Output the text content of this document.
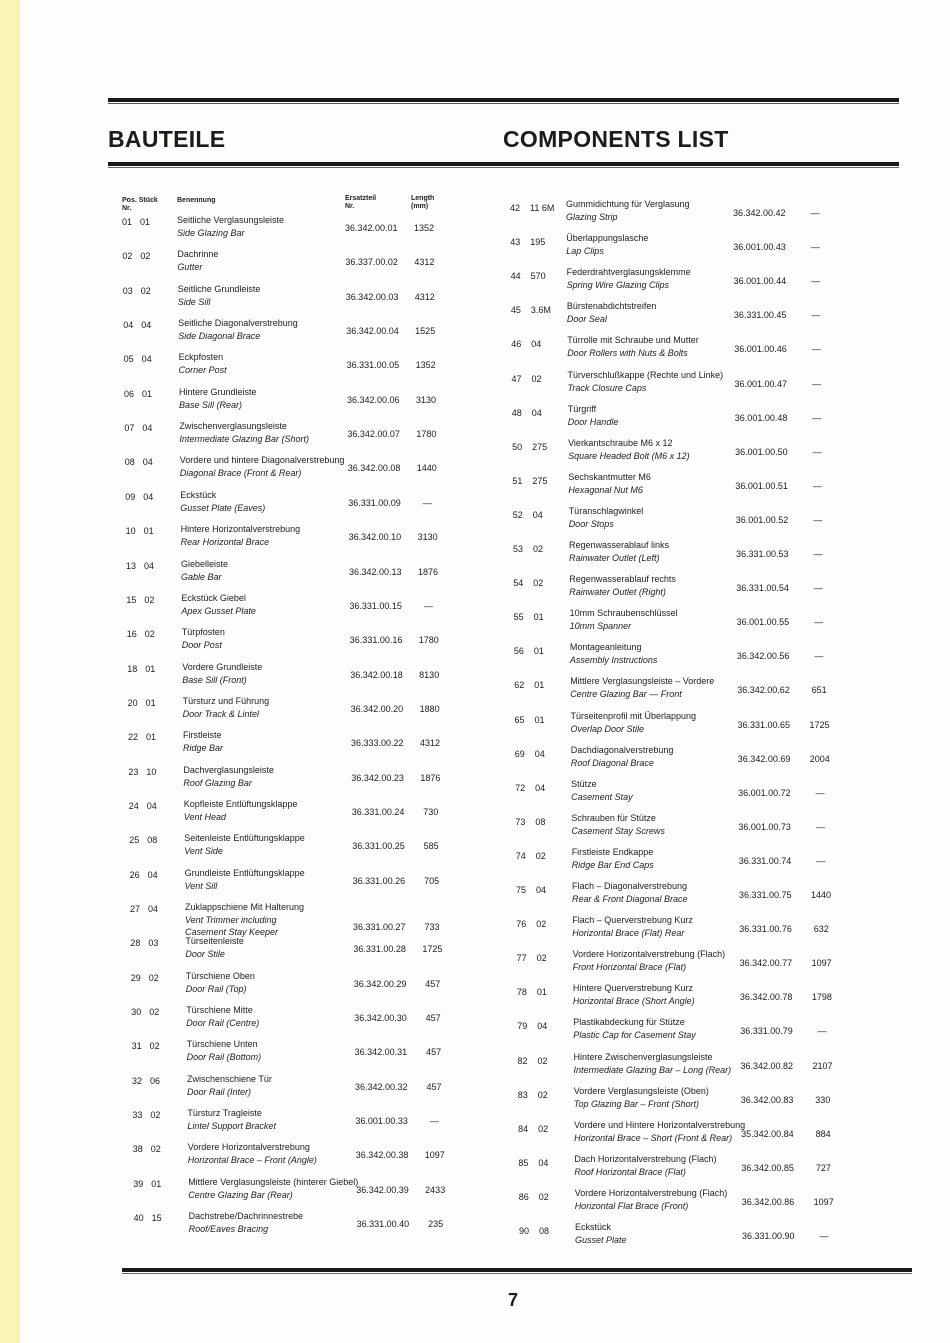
BAUTEILE	COMPONENTS LIST
Pos. Stück Nr.
Benennung	Ersatzteil Nr.
Length (mm)
01 01	Seitliche Verglasungsleiste
Side Glazing Bar	36.342.00.01	1352
02 02	Dachrinne
Gutter	36.337.00.02	4312
03 02	Seitliche Grundleiste
Side Sill	36.342.00.03	4312
04 04	Seitliche Diagonalverstrebung
Side Diagonal Brace	36.342.00.04	1525
05 04	Eckpfosten
Corner Post	36.331.00.05	1352
06 01	Hintere Grundleiste
Base Sill (Rear)	36.342.00.06	3130
07 04	Zwischenverglasungsleiste
Intermediate Glazing Bar (Short)	36.342.00.07	1780
08 04	Vordere und hintere Diagonalverstrebung
Diagonal Brace (Front & Rear)	36.342.00.08	1440
09 04	Eckstück
Gusset Plate (Eaves)	36.331.00.09	—
10 01	Hintere Horizontalverstrebung
Rear Horizontal Brace	36.342.00.10	3130
13 04	Giebelleiste
Gable Bar	36.342.00.13	1876
15 02	Eckstück Giebel
Apex Gusset Plate	36.331.00.15	—
16 02	Türpfosten
Door Post	36.331.00.16	1780
18 01	Vordere Grundleiste
Base Sill (Front)	36.342.00.18	8130
20 01	Türsturz und Führung
Door Track & Lintel	36.342.00.20	1880
22 01	Firstleiste
Ridge Bar	36.333.00.22	4312
23 10	Dachverglasungsleiste
Roof Glazing Bar	36.342.00.23	1876
24 04	Kopfleiste Entlüftungsklappe
Vent Head	36.331.00.24	730
25 08	Seitenleiste Entlüftungsklappe
Vent Side	36.331.00.25	585
26 04	Grundleiste Entlüftungsklappe
Vent Sill	36.331.00.26	705
27 04	Zuklappschiene Mit Halterung
Vent Trimmer including Casement Stay Keeper	36.331.00.27	733
28 03	Türseitenleiste
Door Stile	36.331.00.28	1725
29 02	Türschiene Oben
Door Rail (Top)	36.342.00.29	457
30 02	Türschiene Mitte
Door Rail (Centre)	36.342.00.30	457
31 02	Türschiene Unten
Door Rail (Bottom)	36.342.00.31	457
32 06	Zwischenschiene Tür
Door Rail (Inter)	36.342.00.32	457
33 02	Türsturz Tragleiste
Lintel Support Bracket	36.001.00.33	—
38 02	Vordere Horizontalverstrebung
Horizontal Brace – Front (Angle)	36.342.00.38	1097
39 01	Mittlere Verglasungsleiste (hinterer Giebel)
Centre Glazing Bar (Rear)	36.342.00.39	2433
40 15	Dachstrebe/Dachrinnestrebe
Roof/Eaves Bracing	36.331.00.40	235
42	11 6M	Gummidichtung für Verglasung
Glazing Strip	36.342.00.42	—
43	195	Überlappungslasche
Lap Clips	36.001.00.43	—
44	570	Federdrahtverglasungsklemme
Spring Wire Glazing Clips	36.001.00.44	—
45	3.6M	Bürstenabdichtstreifen
Door Seal	36.331.00.45	—
46	04	Türrolle mit Schraube und Mutter
Door Rollers with Nuts & Bolts	36.001.00.46	—
47	02	Türverschlußkappe (Rechte und Linke)
Track Closure Caps	36.001.00.47	—
48	04	Türgriff
Door Handle	36.001.00.48	—
50	275	Vierkantschraube M6 x 12
Square Headed Bolt (M6 x 12)	36.001.00.50	—
51	275	Sechskantmutter M6
Hexagonal Nut M6	36.001.00.51	—
52	04	Türanschlagwinkel
Door Stops	36.001.00.52	—
53	02	Regenwasserablauf links
Rainwater Outlet (Left)	36.331.00.53	—
54	02	Regenwasserablauf rechts
Rainwater Outlet (Right)	36.331.00.54	—
55	01	10mm Schraubenschlüssel
10mm Spanner	36.001.00.55	—
56	01	Montageanleitung
Assembly Instructions	36.342.00.56	—
62	01	Mittlere Verglasungsleiste – Vordere
Centre Glazing Bar — Front	36.342.00.62	651
65	01	Türseitenprofil mit Überlappung
Overlap Door Stile	36.331.00.65	1725
69	04	Dachdiagonalverstrebung
Roof Diagonal Brace	36.342.00.69	2004
72	04	Stütze
Casement Stay	36.001.00.72	—
73	08	Schrauben für Stütze
Casement Stay Screws	36.001.00.73	—
74	02	Firstleiste Endkappe
Ridge Bar End Caps	36.331.00.74	—
75	04	Flach – Diagonalverstrebung
Rear & Front Diagonal Brace	36.331.00.75	1440
76	02	Flach – Querverstrebung Kurz
Horizontal Brace (Flat) Rear	36.331.00.76	632
77	02	Vordere Horizontalverstrebung (Flach)
Front Horizontal Brace (Flat)	36.342.00.77	1097
78	01	Hintere Querverstrebung Kurz
Horizontal Brace (Short Angle)	36.342.00.78	1798
79	04	Plastikabdeckung für Stütze
Plastic Cap for Casement Stay	36.331.00.79	—
82	02	Hintere Zwischenverglasungsleiste
Intermediate Glazing Bar – Long (Rear) 36.342.00.82	2107
83	02	Vordere Verglasungsleiste (Oben)
Top Glazing Bar – Front (Short)	36.342.00.83	330
84	02	Vordere und Hintere Horizontalverstrebung
Horizontal Brace – Short (Front & Rear) 35.342.00.84	884
85	04	Dach Horizontalverstrebung (Flach)
Roof Horizontal Brace (Flat)	36.342.00.85	727
86	02	Vordere Horizontalverstrebung (Flach)
Horizontal Flat Brace (Front)	36.342.00.86	1097
90	08	Eckstück
Gusset Plate	36.331.00.90	—
7
